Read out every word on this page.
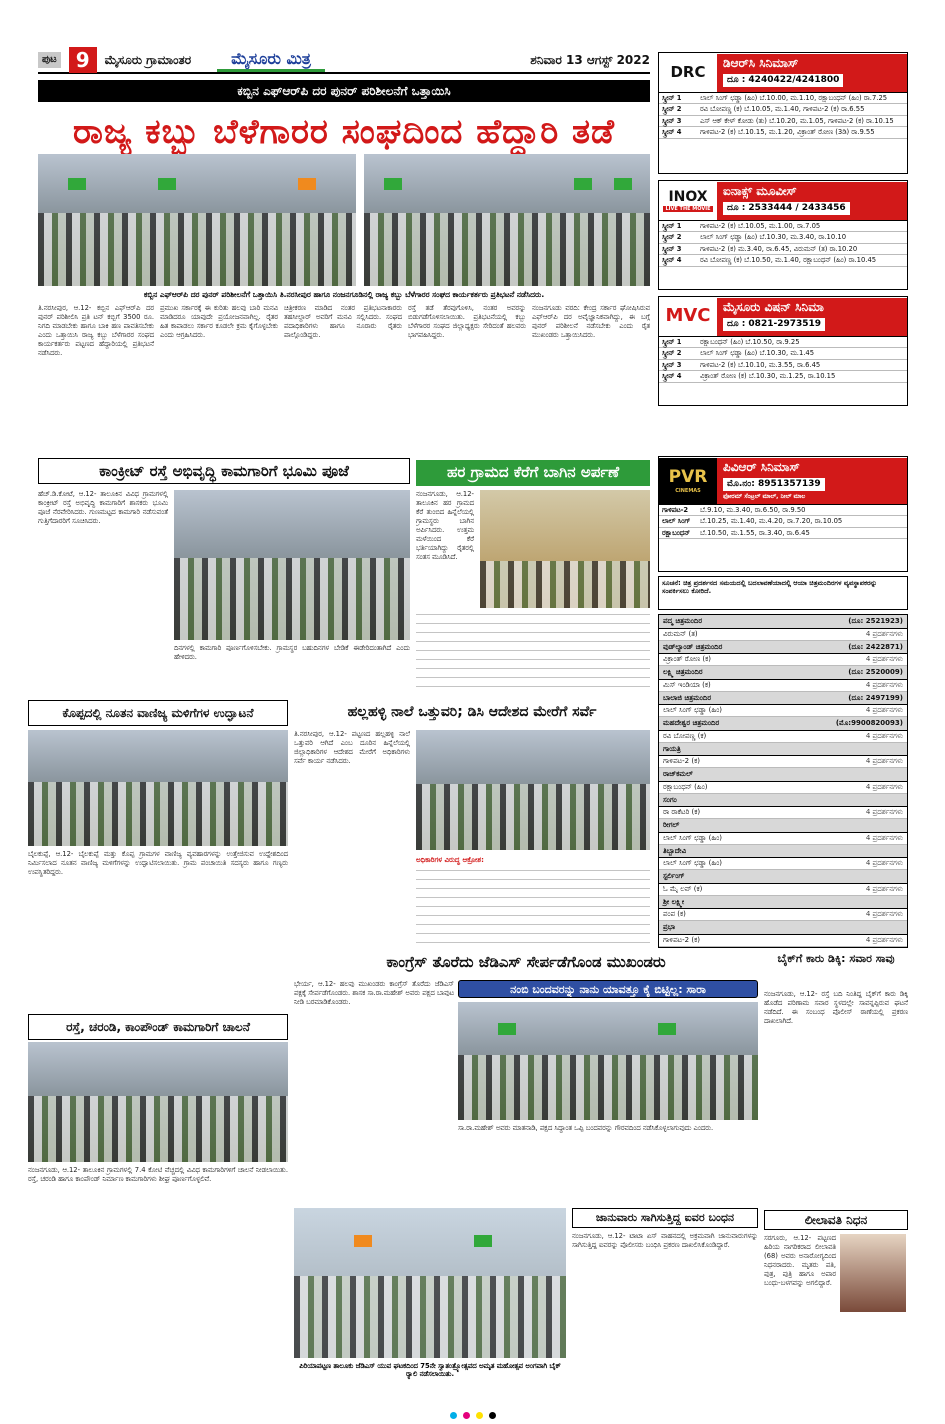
ಪುಟ 9	ಮೈಸೂರು ಗ್ರಾಮಾಂತರ	ಮೈಸೂರು ಮಿತ್ರ	ಶನಿವಾರ 13 ಆಗಸ್ಟ್ 2022
ಕಬ್ಬಿನ ಎಫ್‌ಆರ್‌ಪಿ ದರ ಪುನರ್ ಪರಿಶೀಲನೆಗೆ ಒತ್ತಾಯಿಸಿ
ರಾಜ್ಯ ಕಬ್ಬು ಬೆಳೆಗಾರರ ಸಂಘದಿಂದ ಹೆದ್ದಾರಿ ತಡೆ
ಕಬ್ಬಿನ ಎಫ್‌ಆರ್‌ಪಿ ದರ ಪುನರ್ ಪರಿಶೀಲನೆಗೆ ಒತ್ತಾಯಿಸಿ ತಿ.ನರಸೀಪುರ ಹಾಗೂ ನಂಜನಗೂಡಿನಲ್ಲಿ ರಾಜ್ಯ ಕಬ್ಬು ಬೆಳೆಗಾರರ ಸಂಘದ ಕಾರ್ಯಕರ್ತರು ಪ್ರತಿಭಟನೆ ನಡೆಸಿದರು.
ತಿ.ನರಸೀಪುರ, ಆ.12- ಕಬ್ಬಿನ ಎಫ್‌ಆರ್‌ಪಿ ದರ ಪುನರ್ ಪರಿಶೀಲಿಸಿ ಪ್ರತಿ ಟನ್ ಕಬ್ಬಿಗೆ 3500 ರೂ. ನಿಗದಿ ಮಾಡಬೇಕು ಹಾಗೂ ಬಾಕಿ ಹಣ ಪಾವತಿಸಬೇಕು ಎಂದು ಒತ್ತಾಯಿಸಿ ರಾಜ್ಯ ಕಬ್ಬು ಬೆಳೆಗಾರರ ಸಂಘದ ಕಾರ್ಯಕರ್ತರು ಪಟ್ಟಣದ ಹೆದ್ದಾರಿಯಲ್ಲಿ ಪ್ರತಿಭಟನೆ ನಡೆಸಿದರು.
ಪ್ರಮುಖ ಸರ್ಕಾರಕ್ಕೆ ಈ ಕುರಿತು ಹಲವು ಬಾರಿ ಮನವಿ ಮಾಡಿದರೂ ಯಾವುದೇ ಪ್ರಯೋಜನವಾಗಿಲ್ಲ. ರೈತರ ಹಿತ ಕಾಪಾಡಲು ಸರ್ಕಾರ ಕೂಡಲೇ ಕ್ರಮ ಕೈಗೊಳ್ಳಬೇಕು ಎಂದು ಆಗ್ರಹಿಸಿದರು.
ಚಿತ್ರೀಕರಣ ಮಾಡಿದ ನಂತರ ಪ್ರತಿಭಟನಾಕಾರರು ತಹಸೀಲ್ದಾರ್ ಅವರಿಗೆ ಮನವಿ ಸಲ್ಲಿಸಿದರು. ಸಂಘದ ಪದಾಧಿಕಾರಿಗಳು ಹಾಗೂ ನೂರಾರು ರೈತರು ಪಾಲ್ಗೊಂಡಿದ್ದರು.
ರಸ್ತೆ ತಡೆ ತೆರವುಗೊಳಿಸಿ, ನಂತರ ಅವರನ್ನು ಬಿಡುಗಡೆಗೊಳಿಸಲಾಯಿತು. ಪ್ರತಿಭಟನೆಯಲ್ಲಿ ಕಬ್ಬು ಬೆಳೆಗಾರರ ಸಂಘದ ಜಿಲ್ಲಾಧ್ಯಕ್ಷರು ಸೇರಿದಂತೆ ಹಲವರು ಭಾಗವಹಿಸಿದ್ದರು.
ನಂಜನಗೂಡು ವರದಿ: ಕೇಂದ್ರ ಸರ್ಕಾರ ಘೋಷಿಸಿರುವ ಎಫ್‌ಆರ್‌ಪಿ ದರ ಅವೈಜ್ಞಾನಿಕವಾಗಿದ್ದು, ಈ ಬಗ್ಗೆ ಪುನರ್ ಪರಿಶೀಲನೆ ನಡೆಸಬೇಕು ಎಂದು ರೈತ ಮುಖಂಡರು ಒತ್ತಾಯಿಸಿದರು.
ಕಾಂಕ್ರೀಟ್ ರಸ್ತೆ ಅಭಿವೃದ್ಧಿ ಕಾಮಗಾರಿಗೆ ಭೂಮಿ ಪೂಜೆ
ಹೆಚ್.ಡಿ.ಕೋಟೆ, ಆ.12- ತಾಲೂಕಿನ ವಿವಿಧ ಗ್ರಾಮಗಳಲ್ಲಿ ಕಾಂಕ್ರೀಟ್ ರಸ್ತೆ ಅಭಿವೃದ್ಧಿ ಕಾಮಗಾರಿಗೆ ಶಾಸಕರು ಭೂಮಿ ಪೂಜೆ ನೆರವೇರಿಸಿದರು. ಗುಣಮಟ್ಟದ ಕಾಮಗಾರಿ ನಡೆಸುವಂತೆ ಗುತ್ತಿಗೆದಾರರಿಗೆ ಸೂಚಿಸಿದರು.
ದಿನಗಳಲ್ಲಿ ಕಾಮಗಾರಿ ಪೂರ್ಣಗೊಳಿಸಬೇಕು. ಗ್ರಾಮಸ್ಥರ ಬಹುದಿನಗಳ ಬೇಡಿಕೆ ಈಡೇರಿದಂತಾಗಿದೆ ಎಂದು ಹೇಳಿದರು.
ಹರ ಗ್ರಾಮದ ಕೆರೆಗೆ ಬಾಗಿನ ಅರ್ಪಣೆ
ನಂಜನಗೂಡು, ಆ.12- ತಾಲೂಕಿನ ಹರ ಗ್ರಾಮದ ಕೆರೆ ತುಂಬಿದ ಹಿನ್ನೆಲೆಯಲ್ಲಿ ಗ್ರಾಮಸ್ಥರು ಬಾಗಿನ ಅರ್ಪಿಸಿದರು. ಉತ್ತಮ ಮಳೆಯಿಂದ ಕೆರೆ ಭರ್ತಿಯಾಗಿದ್ದು ರೈತರಲ್ಲಿ ಸಂತಸ ಮೂಡಿಸಿದೆ.
ಕೊಪ್ಪದಲ್ಲಿ ನೂತನ ವಾಣಿಜ್ಯ ಮಳಿಗೆಗಳ ಉದ್ಘಾಟನೆ
ಬೈಲಕುಪ್ಪೆ, ಆ.12- ಬೈಲಕುಪ್ಪೆ ಮತ್ತು ಕೊಪ್ಪ ಗ್ರಾಮಗಳ ವಾಣಿಜ್ಯ ವ್ಯವಹಾರಗಳನ್ನು ಉತ್ತೇಜಿಸುವ ಉದ್ದೇಶದಿಂದ ನಿರ್ಮಿಸಲಾದ ನೂತನ ವಾಣಿಜ್ಯ ಮಳಿಗೆಗಳನ್ನು ಉದ್ಘಾಟಿಸಲಾಯಿತು. ಗ್ರಾಮ ಪಂಚಾಯಿತಿ ಸದಸ್ಯರು ಹಾಗೂ ಗಣ್ಯರು ಉಪಸ್ಥಿತರಿದ್ದರು.
ಹಲ್ಲಹಳ್ಳಿ ನಾಲೆ ಒತ್ತುವರಿ; ಡಿಸಿ ಆದೇಶದ ಮೇರೆಗೆ ಸರ್ವೆ
ತಿ.ನರಸೀಪುರ, ಆ.12- ಪಟ್ಟಣದ ಹಲ್ಲಹಳ್ಳಿ ನಾಲೆ ಒತ್ತುವರಿ ಆಗಿದೆ ಎಂಬ ದೂರಿನ ಹಿನ್ನೆಲೆಯಲ್ಲಿ ಜಿಲ್ಲಾಧಿಕಾರಿಗಳ ಆದೇಶದ ಮೇರೆಗೆ ಅಧಿಕಾರಿಗಳು ಸರ್ವೆ ಕಾರ್ಯ ನಡೆಸಿದರು.
ಅಧಿಕಾರಿಗಳ ವಿರುದ್ಧ ಆಕ್ರೋಶ:
ರಸ್ತೆ, ಚರಂಡಿ, ಕಾಂಪೌಂಡ್ ಕಾಮಗಾರಿಗೆ ಚಾಲನೆ
ನಂಜನಗೂಡು, ಆ.12- ತಾಲೂಕಿನ ಗ್ರಾಮಗಳಲ್ಲಿ 7.4 ಕೋಟಿ ವೆಚ್ಚದಲ್ಲಿ ವಿವಿಧ ಕಾಮಗಾರಿಗಳಿಗೆ ಚಾಲನೆ ನೀಡಲಾಯಿತು. ರಸ್ತೆ, ಚರಂಡಿ ಹಾಗೂ ಕಾಂಪೌಂಡ್ ನಿರ್ಮಾಣ ಕಾಮಗಾರಿಗಳು ಶೀಘ್ರ ಪೂರ್ಣಗೊಳ್ಳಲಿವೆ.
ಕಾಂಗ್ರೆಸ್ ತೊರೆದು ಜೆಡಿಎಸ್ ಸೇರ್ಪಡೆಗೊಂಡ ಮುಖಂಡರು
ಭೇರ್ಯ, ಆ.12- ಹಲವು ಮುಖಂಡರು ಕಾಂಗ್ರೆಸ್ ತೊರೆದು ಜೆಡಿಎಸ್ ಪಕ್ಷಕ್ಕೆ ಸೇರ್ಪಡೆಗೊಂಡರು. ಶಾಸಕ ಸಾ.ರಾ.ಮಹೇಶ್ ಅವರು ಪಕ್ಷದ ಬಾವುಟ ನೀಡಿ ಬರಮಾಡಿಕೊಂಡರು.
ನಂಬಿ ಬಂದವರನ್ನು ನಾನು ಯಾವತ್ತೂ ಕೈ ಬಿಟ್ಟಿಲ್ಲ: ಸಾರಾ
ಸಾ.ರಾ.ಮಹೇಶ್ ಅವರು ಮಾತನಾಡಿ, ಪಕ್ಷದ ಸಿದ್ಧಾಂತ ಒಪ್ಪಿ ಬಂದವರನ್ನು ಗೌರವದಿಂದ ನಡೆಸಿಕೊಳ್ಳಲಾಗುವುದು ಎಂದರು.
ಪಿರಿಯಾಪಟ್ಟಣ ತಾಲೂಕು ಜೆಡಿಎಸ್ ಯುವ ಘಟಕದಿಂದ 75ನೇ ಸ್ವಾತಂತ್ರ್ಯೋತ್ಸವದ ಅಮೃತ ಮಹೋತ್ಸವ ಅಂಗವಾಗಿ ಬೈಕ್ ರ‍್ಯಾಲಿ ನಡೆಸಲಾಯಿತು.
ಜಾನುವಾರು ಸಾಗಿಸುತ್ತಿದ್ದ ಐವರ ಬಂಧನ
ನಂಜನಗೂಡು, ಆ.12- ಟಾಟಾ ಏಸ್ ವಾಹನದಲ್ಲಿ ಅಕ್ರಮವಾಗಿ ಜಾನುವಾರುಗಳನ್ನು ಸಾಗಿಸುತ್ತಿದ್ದ ಐವರನ್ನು ಪೊಲೀಸರು ಬಂಧಿಸಿ ಪ್ರಕರಣ ದಾಖಲಿಸಿಕೊಂಡಿದ್ದಾರೆ.
ಬೈಕ್‌ಗೆ ಕಾರು ಡಿಕ್ಕಿ: ಸವಾರ ಸಾವು
ನಂಜನಗೂಡು, ಆ.12- ರಸ್ತೆ ಬದಿ ನಿಂತಿದ್ದ ಬೈಕ್‌ಗೆ ಕಾರು ಡಿಕ್ಕಿ ಹೊಡೆದ ಪರಿಣಾಮ ಸವಾರ ಸ್ಥಳದಲ್ಲೇ ಸಾವನ್ನಪ್ಪಿರುವ ಘಟನೆ ನಡೆದಿದೆ. ಈ ಸಂಬಂಧ ಪೊಲೀಸ್ ಠಾಣೆಯಲ್ಲಿ ಪ್ರಕರಣ ದಾಖಲಾಗಿದೆ.
ಲೀಲಾವತಿ ನಿಧನ
ಸರಗೂರು, ಆ.12- ಪಟ್ಟಣದ ಹಿರಿಯ ನಾಗರಿಕರಾದ ಲೀಲಾವತಿ (68) ಅವರು ಅನಾರೋಗ್ಯದಿಂದ ನಿಧನರಾದರು. ಮೃತರು ಪತಿ, ಪುತ್ರ, ಪುತ್ರಿ ಹಾಗೂ ಅಪಾರ ಬಂಧು-ಬಳಗವನ್ನು ಅಗಲಿದ್ದಾರೆ.
DRC
ಡಿಆರ್‌ಸಿ ಸಿನಿಮಾಸ್
ದೂ : 4240422/4241800
ಸ್ಕ್ರೀನ್ 1	ಲಾಲ್ ಸಿಂಗ್ ಛಡ್ಡಾ (ಹಿಂ) ಬೆ.10.00, ಮ.1.10, ರಕ್ಷಾಬಂಧನ್ (ಹಿಂ) ರಾ.7.25
ಸ್ಕ್ರೀನ್ 2	ರವಿ ಬೋಪಣ್ಣ (ಕ) ಬೆ.10.05, ಮ.1.40, ಗಾಳಿಪಟ-2 (ಕ) ರಾ.6.55
ಸ್ಕ್ರೀನ್ 3	ಎಸ್ ಆಕ್ ಕೇಳ್ ಕೋಡು (ತು) ಬೆ.10.20, ಮ.1.05, ಗಾಳಿಪಟ-2 (ಕ) ರಾ.10.15
ಸ್ಕ್ರೀನ್ 4	ಗಾಳಿಪಟ-2 (ಕ) ಬೆ.10.15, ಮ.1.20, ವಿಕ್ರಾಂತ್ ರೋಣ (3ಡಿ) ರಾ.9.55
INOX
LIVE THE MOVIE
ಐನಾಕ್ಸ್ ಮೂವೀಸ್
ದೂ : 2533444 / 2433456
ಸ್ಕ್ರೀನ್ 1	ಗಾಳಿಪಟ-2 (ಕ) ಬೆ.10.05, ಮ.1.00, ರಾ.7.05
ಸ್ಕ್ರೀನ್ 2	ಲಾಲ್ ಸಿಂಗ್ ಛಡ್ಡಾ (ಹಿಂ) ಬೆ.10.30, ಮ.3.40, ರಾ.10.10
ಸ್ಕ್ರೀನ್ 3	ಗಾಳಿಪಟ-2 (ಕ) ಮ.3.40, ರಾ.6.45, ವಿರುಮನ್ (ತ) ರಾ.10.20
ಸ್ಕ್ರೀನ್ 4	ರವಿ ಬೋಪಣ್ಣ (ಕ) ಬೆ.10.50, ಮ.1.40, ರಕ್ಷಾಬಂಧನ್ (ಹಿಂ) ರಾ.10.45
MVC	ಮೈಸೂರು ವಿಷನ್ ಸಿನಿಮಾ
ದೂ : 0821-2973519
ಸ್ಕ್ರೀನ್ 1	ರಕ್ಷಾಬಂಧನ್ (ಹಿಂ) ಬೆ.10.50, ರಾ.9.25
ಸ್ಕ್ರೀನ್ 2	ಲಾಲ್ ಸಿಂಗ್ ಛಡ್ಡಾ (ಹಿಂ) ಬೆ.10.30, ಮ.1.45
ಸ್ಕ್ರೀನ್ 3	ಗಾಳಿಪಟ-2 (ಕ) ಬೆ.10.10, ಮ.3.55, ರಾ.6.45
ಸ್ಕ್ರೀನ್ 4	ವಿಕ್ರಾಂತ್ ರೋಣ (ಕ) ಬೆ.10.30, ಮ.1.25, ರಾ.10.15
PVR
CINEMAS
ಪಿವಿಆರ್ ಸಿನಿಮಾಸ್
ಮೊ.ನಂ: 8951357139
ಫೋರಮ್ ಸೆಂಟ್ರಲ್ ಮಾಲ್, ನೀಲ್ ಮಾಲ
ಗಾಳಿಪಟ-2	ಬೆ.9.10, ಮ.3.40, ರಾ.6.50, ರಾ.9.50
ಲಾಲ್ ಸಿಂಗ್	ಬೆ.10.25, ಮ.1.40, ಮ.4.20, ರಾ.7.20, ರಾ.10.05
ರಕ್ಷಾಬಂಧನ್	ಬೆ.10.50, ಮ.1.55, ರಾ.3.40, ರಾ.6.45
ಸೂಚನೆ: ಚಿತ್ರ ಪ್ರದರ್ಶನದ ಸಮಯದಲ್ಲಿ ಬದಲಾವಣೆಯಾದಲ್ಲಿ ಆಯಾ ಚಿತ್ರಮಂದಿರಗಳ ವ್ಯವಸ್ಥಾಪಕರನ್ನು ಸಂಪರ್ಕಿಸಲು ಕೋರಿದೆ.
ಪದ್ಮ ಚಿತ್ರಮಂದಿರ	(ದೂ: 2521923)
ವಿರುಮನ್ (ತ)	4 ಪ್ರದರ್ಶನಗಳು
ವುಡ್‌ಲ್ಯಾಂಡ್ ಚಿತ್ರಮಂದಿರ	(ದೂ: 2422871)
ವಿಕ್ರಾಂತ್ ರೋಣ (ಕ)	4 ಪ್ರದರ್ಶನಗಳು
ಲಕ್ಷ್ಮಿ ಚಿತ್ರಮಂದಿರ	(ದೂ: 2520009)
ಮಿಸ್ ಇಂಡಿಯಾ (ಕ)	4 ಪ್ರದರ್ಶನಗಳು
ಬಾಲಾಜಿ ಚಿತ್ರಮಂದಿರ	(ದೂ: 2497199)
ಲಾಲ್ ಸಿಂಗ್ ಛಡ್ಡಾ (ಹಿಂ)	4 ಪ್ರದರ್ಶನಗಳು
ಮಹದೇಶ್ವರ ಚಿತ್ರಮಂದಿರ	(ಮೊ:9900820093)
ರವಿ ಬೋಪಣ್ಣ (ಕ)	4 ಪ್ರದರ್ಶನಗಳು
ಗಾಯತ್ರಿ
ಗಾಳಿಪಟ-2 (ಕ)	4 ಪ್ರದರ್ಶನಗಳು
ರಾಜ್‌ಕಮಲ್
ರಕ್ಷಾಬಂಧನ್ (ಹಿಂ)	4 ಪ್ರದರ್ಶನಗಳು
ಸಂಗಂ
ರಾ ರಾಕೆಟರಿ (ಕ)	4 ಪ್ರದರ್ಶನಗಳು
ರೀಗಲ್
ಲಾಲ್ ಸಿಂಗ್ ಛಡ್ಡಾ (ಹಿಂ)	4 ಪ್ರದರ್ಶನಗಳು
ತಿಬ್ಬಾದೇವಿ
ಲಾಲ್ ಸಿಂಗ್ ಛಡ್ಡಾ (ಹಿಂ)	4 ಪ್ರದರ್ಶನಗಳು
ಸ್ಟರ್ಲಿಂಗ್
ಓ ಮೈ ಲವ್ (ಕ)	4 ಪ್ರದರ್ಶನಗಳು
ಶ್ರೀ ಲಕ್ಷ್ಮೀ
ಪಂಪ (ಕ)	4 ಪ್ರದರ್ಶನಗಳು
ಪ್ರಭಾ
ಗಾಳಿಪಟ-2 (ಕ)	4 ಪ್ರದರ್ಶನಗಳು
